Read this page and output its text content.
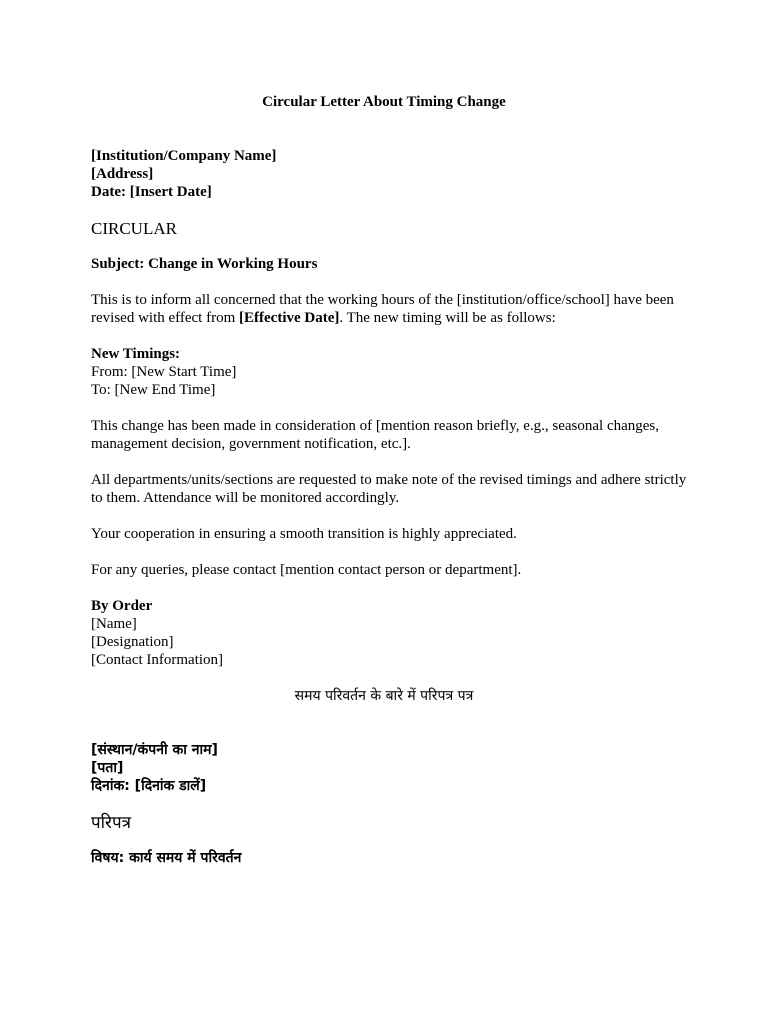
Circular Letter About Timing Change
[Institution/Company Name]
[Address]
Date: [Insert Date]
CIRCULAR
Subject: Change in Working Hours
This is to inform all concerned that the working hours of the [institution/office/school] have been revised with effect from [Effective Date]. The new timing will be as follows:
New Timings:
From: [New Start Time]
To: [New End Time]
This change has been made in consideration of [mention reason briefly, e.g., seasonal changes, management decision, government notification, etc.].
All departments/units/sections are requested to make note of the revised timings and adhere strictly to them. Attendance will be monitored accordingly.
Your cooperation in ensuring a smooth transition is highly appreciated.
For any queries, please contact [mention contact person or department].
By Order
[Name]
[Designation]
[Contact Information]
समय परिवर्तन के बारे में परिपत्र पत्र
[संस्थान/कंपनी का नाम]
[पता]
दिनांक: [दिनांक डालें]
परिपत्र
विषय: कार्य समय में परिवर्तन
